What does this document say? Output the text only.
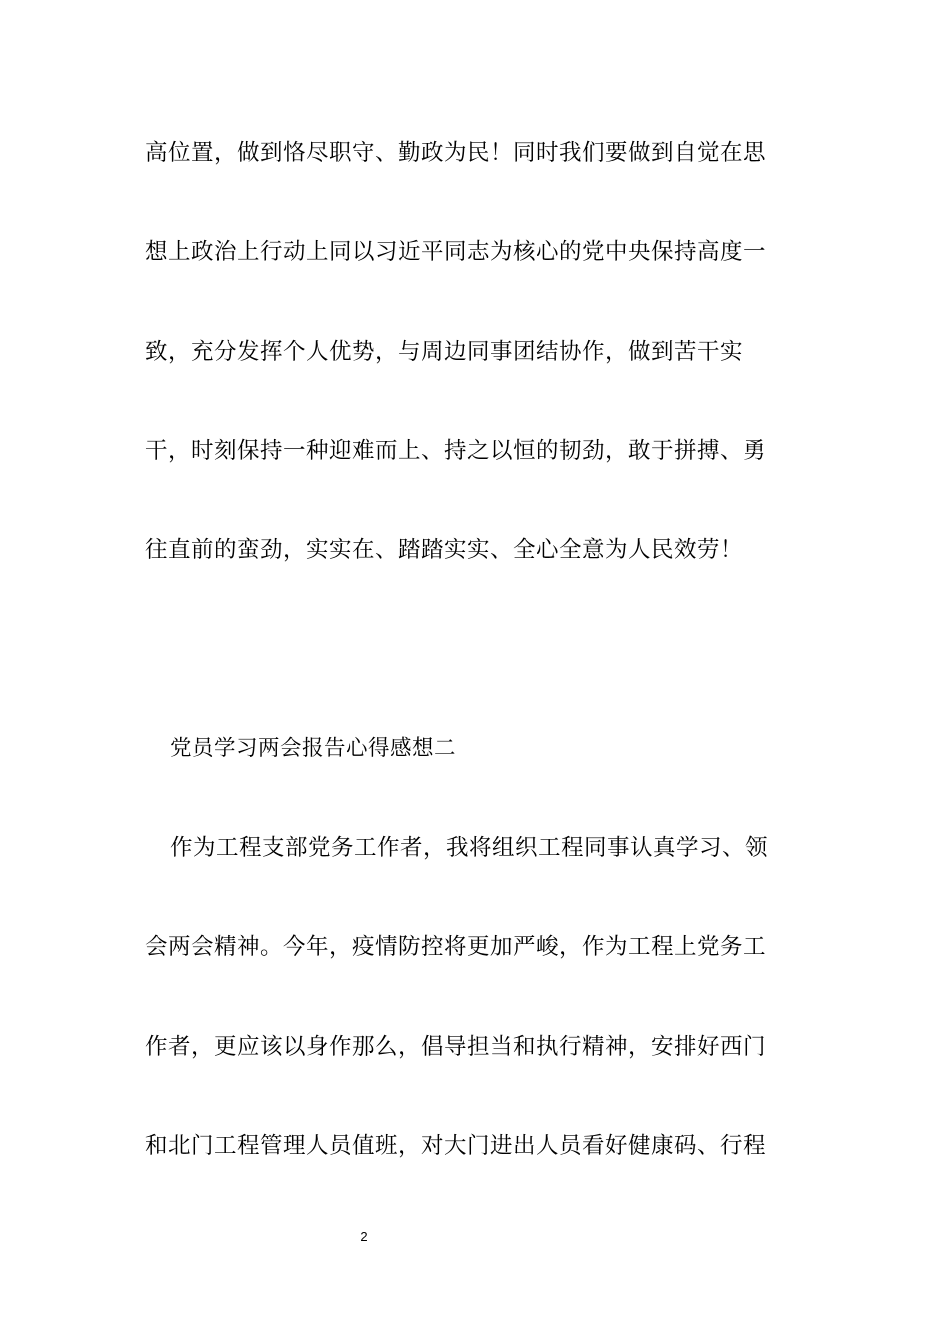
高位置，做到恪尽职守、勤政为民！同时我们要做到自觉在思
想上政治上行动上同以习近平同志为核心的党中央保持高度一
致，充分发挥个人优势，与周边同事团结协作，做到苦干实
干，时刻保持一种迎难而上、持之以恒的韧劲，敢于拼搏、勇
往直前的蛮劲，实实在、踏踏实实、全心全意为人民效劳！
党员学习两会报告心得感想二
作为工程支部党务工作者，我将组织工程同事认真学习、领
会两会精神。今年，疫情防控将更加严峻，作为工程上党务工
作者，更应该以身作那么，倡导担当和执行精神，安排好西门
和北门工程管理人员值班，对大门进出人员看好健康码、行程
2
